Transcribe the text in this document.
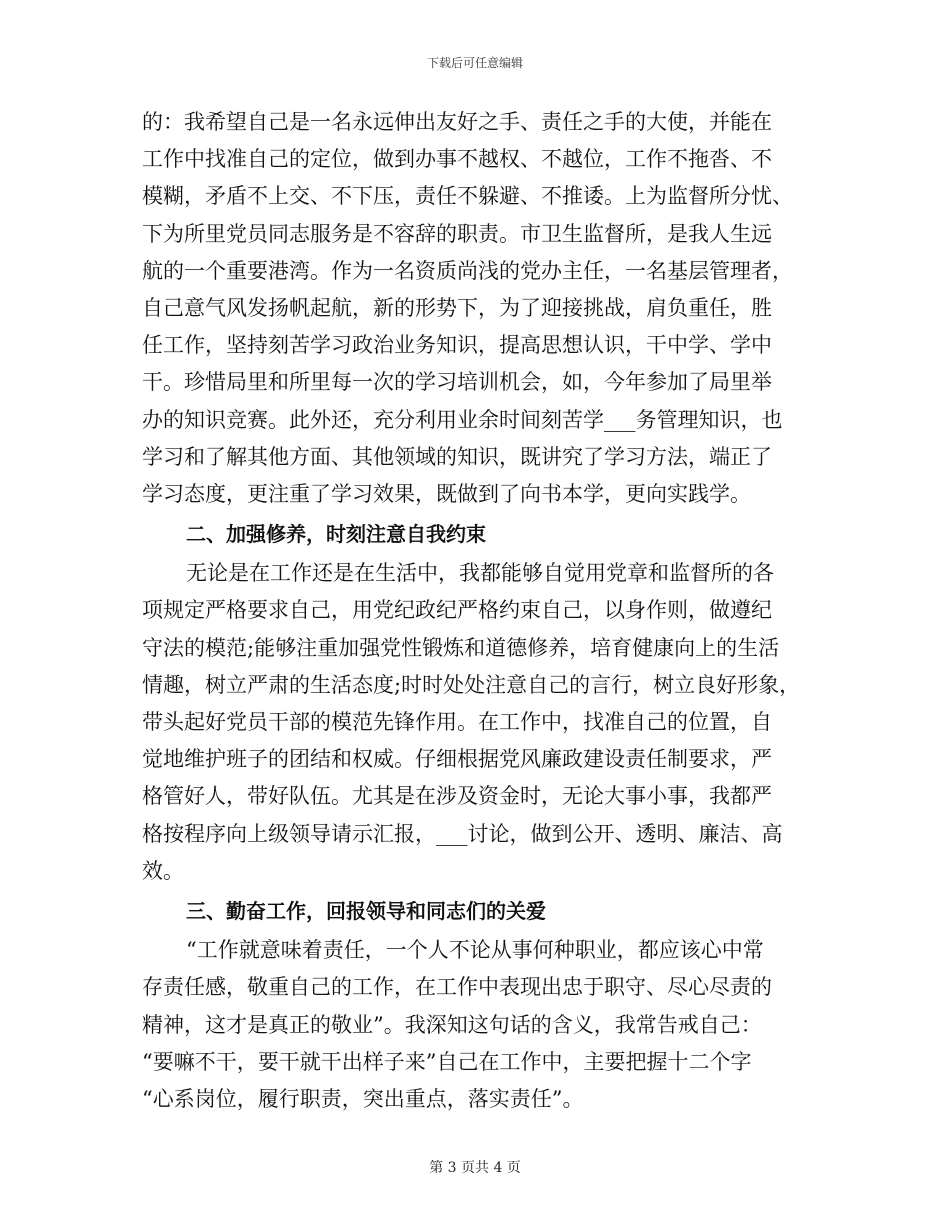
下载后可任意编辑
的：我希望自己是一名永远伸出友好之手、责任之手的大使，并能在
工作中找准自己的定位，做到办事不越权、不越位，工作不拖沓、不
模糊，矛盾不上交、不下压，责任不躲避、不推诿。上为监督所分忧、
下为所里党员同志服务是不容辞的职责。市卫生监督所，是我人生远
航的一个重要港湾。作为一名资质尚浅的党办主任，一名基层管理者，
自己意气风发扬帆起航，新的形势下，为了迎接挑战，肩负重任，胜
任工作，坚持刻苦学习政治业务知识，提高思想认识，干中学、学中
干。珍惜局里和所里每一次的学习培训机会，如，今年参加了局里举
办的知识竞赛。此外还，充分利用业余时间刻苦学___务管理知识，也
学习和了解其他方面、其他领域的知识，既讲究了学习方法，端正了
学习态度，更注重了学习效果，既做到了向书本学，更向实践学。
二、加强修养，时刻注意自我约束
无论是在工作还是在生活中，我都能够自觉用党章和监督所的各
项规定严格要求自己，用党纪政纪严格约束自己，以身作则，做遵纪
守法的模范;能够注重加强党性锻炼和道德修养，培育健康向上的生活
情趣，树立严肃的生活态度;时时处处注意自己的言行，树立良好形象，
带头起好党员干部的模范先锋作用。在工作中，找准自己的位置，自
觉地维护班子的团结和权威。仔细根据党风廉政建设责任制要求，严
格管好人，带好队伍。尤其是在涉及资金时，无论大事小事，我都严
格按程序向上级领导请示汇报，___讨论，做到公开、透明、廉洁、高
效。
三、勤奋工作，回报领导和同志们的关爱
“工作就意味着责任，一个人不论从事何种职业，都应该心中常
存责任感，敬重自己的工作，在工作中表现出忠于职守、尽心尽责的
精神，这才是真正的敬业”。我深知这句话的含义，我常告戒自己：
“要嘛不干，要干就干出样子来”自己在工作中，主要把握十二个字
“心系岗位，履行职责，突出重点，落实责任”。
第 3 页共 4 页
